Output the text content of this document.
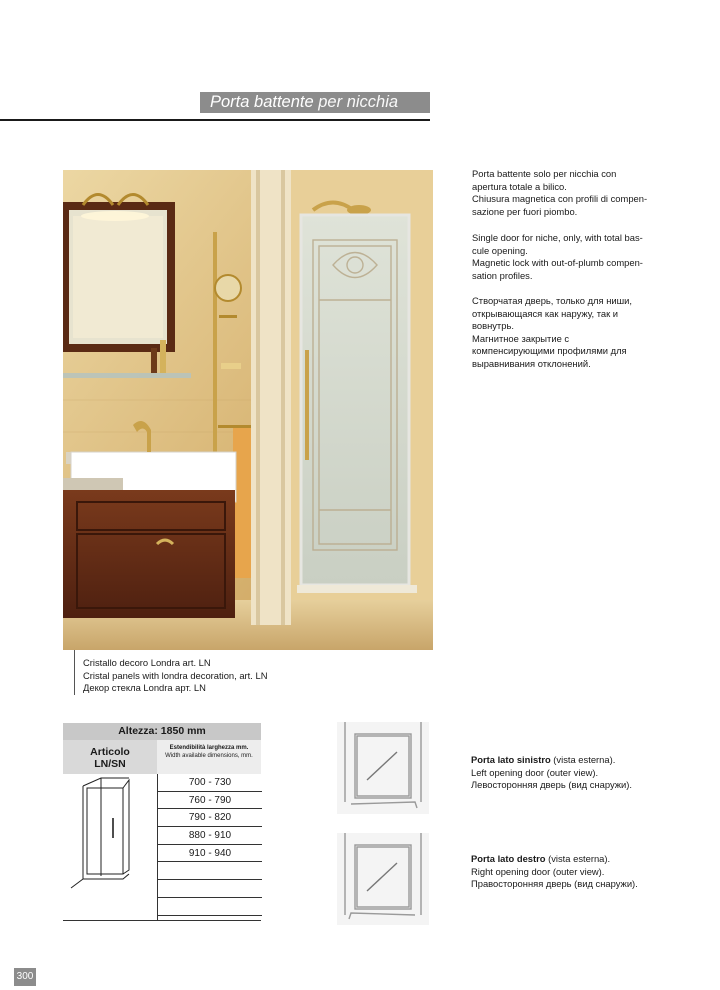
Porta battente per nicchia

Porta battente solo per nicchia con

apertura totale a bilico.

Chiusura magnetica con profili di compen-

sazione per fuori piombo.

Single door for niche, only, with total bas-

cule opening.

Magnetic lock with out-of-plumb compen-

sation profiles.

Створчатая дверь, только для ниши,

открывающаяся как наружу, так и

вовнутрь.

Магнитное закрытие с

компенсирующими профилями для

выравнивания отклонений.

Cristallo decoro Londra art. LN

Cristal panels with londra decoration, art. LN

Декор стекла Londra арт. LN

Altezza: 1850 mm
Articolo
LN/SN
Estendibilità larghezza mm.
Width available dimensions, mm.
700 - 730
760 - 790
790 - 820
880 - 910
910 - 940

Porta lato sinistro (vista esterna).

Left opening door (outer view).

Левосторонняя дверь (вид снаружи).

Porta lato destro (vista esterna).

Right opening door (outer view).

Правосторонняя дверь (вид снаружи).

300
